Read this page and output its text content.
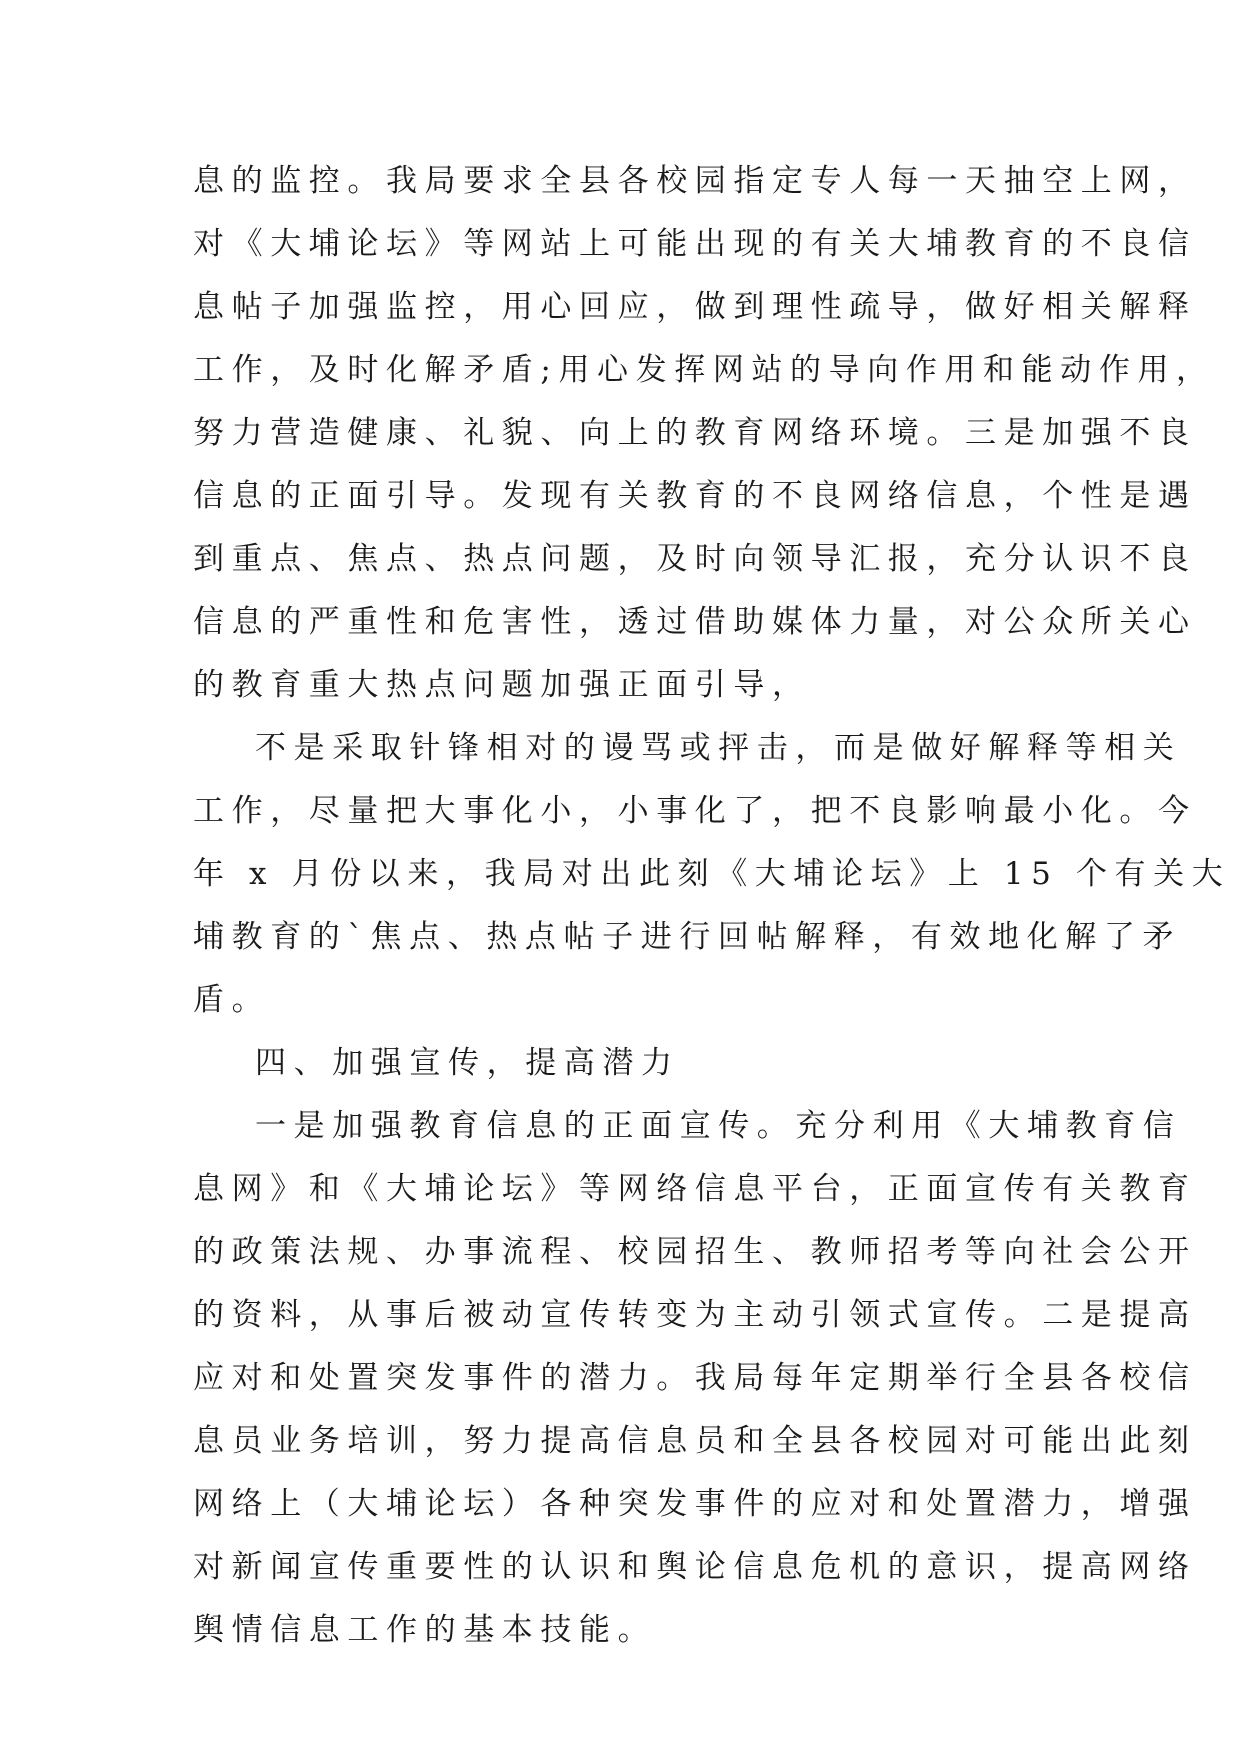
息的监控。我局要求全县各校园指定专人每一天抽空上网，
对《大埔论坛》等网站上可能出现的有关大埔教育的不良信
息帖子加强监控，用心回应，做到理性疏导，做好相关解释
工作，及时化解矛盾;用心发挥网站的导向作用和能动作用，
努力营造健康、礼貌、向上的教育网络环境。三是加强不良
信息的正面引导。发现有关教育的不良网络信息，个性是遇
到重点、焦点、热点问题，及时向领导汇报，充分认识不良
信息的严重性和危害性，透过借助媒体力量，对公众所关心
的教育重大热点问题加强正面引导，
不是采取针锋相对的谩骂或抨击，而是做好解释等相关
工作，尽量把大事化小，小事化了，把不良影响最小化。今
年 x 月份以来，我局对出此刻《大埔论坛》上 15 个有关大
埔教育的`焦点、热点帖子进行回帖解释，有效地化解了矛
盾。
四、加强宣传，提高潜力
一是加强教育信息的正面宣传。充分利用《大埔教育信
息网》和《大埔论坛》等网络信息平台，正面宣传有关教育
的政策法规、办事流程、校园招生、教师招考等向社会公开
的资料，从事后被动宣传转变为主动引领式宣传。二是提高
应对和处置突发事件的潜力。我局每年定期举行全县各校信
息员业务培训，努力提高信息员和全县各校园对可能出此刻
网络上（大埔论坛）各种突发事件的应对和处置潜力，增强
对新闻宣传重要性的认识和舆论信息危机的意识，提高网络
舆情信息工作的基本技能。
